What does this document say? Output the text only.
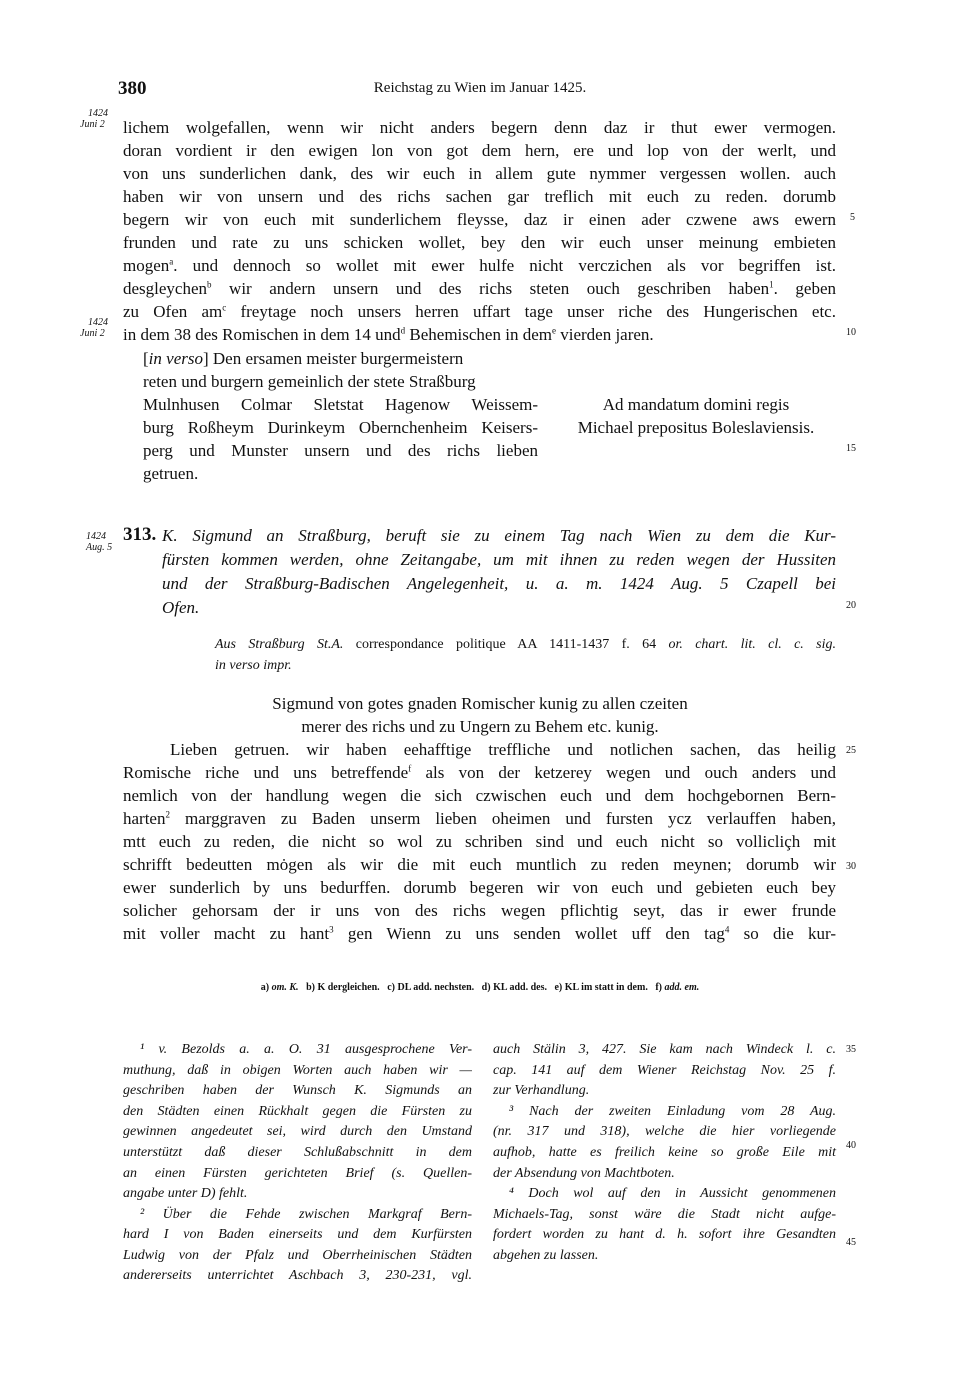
380	Reichstag zu Wien im Januar 1425.
1424
Juni 2
1424
Juni 2
1424
Aug. 5
5
10
15
20
25
30
35
40
45
lichem wolgefallen, wenn wir nicht anders begern denn daz ir thut ewer vermogen.
doran vordient ir den ewigen lon von got dem hern, ere und lop von der werlt, und
von uns sunderlichen dank, des wir euch in allem gute nymmer vergessen wollen. auch
haben wir von unsern und des richs sachen gar treflich mit euch zu reden. dorumb
begern wir von euch mit sunderlichem fleysse, daz ir einen ader czwene aws ewern
frunden und rate zu uns schicken wollet, bey den wir euch unser meinung embieten
mogen$^a$. und dennoch so wollet mit ewer hulfe nicht verczichen als vor begriffen ist.
desgleychen$^b$ wir andern unsern und des richs steten ouch geschriben haben$^1$. geben
zu Ofen $am^c$ freytage noch unsers herren uffart tage unser riche des Hungerischen etc.
in dem 38 des Romischen in dem 14 und$^d$ Behemischen in dem$^e$ vierden jaren.
[in verso] Den ersamen meister burgermeistern
reten und burgern gemeinlich der stete Straßburg
Mulnhusen Colmar Sletstat Hagenow Weissem-
burg Roßheym Durinkeym Obernchenheim Keisers-
perg und Munster unsern und des richs lieben
getruen.
Ad mandatum domini regis
Michael prepositus Boleslaviensis.
313. K. Sigmund an Straßburg, beruft sie zu einem Tag nach Wien zu dem die Kur-
fürsten kommen werden, ohne Zeitangabe, um mit ihnen zu reden wegen der Hussiten
und der Straßburg-Badischen Angelegenheit, u. a. m. 1424 Aug. 5 Czapell bei
Ofen.
Aus Straßburg St.A. correspondance politique AA 1411-1437 f. 64 or. chart. lit. cl. c. sig.
in verso impr.
Sigmund von gotes gnaden Romischer kunig zu allen czeiten
merer des richs und zu Ungern zu Behem etc. kunig.
Lieben getruen. wir haben eehafftige treffliche und notlichen sachen, das heilig
Romische riche und uns betreffende$^f$ als von der ketzerey wegen und ouch anders und
nemlich von der handlung wegen die sich czwischen euch und dem hochgebornen Bern-
harten$^2$ marggraven zu Baden unserm lieben oheimen und fursten ycz verlauffen haben,
mtt euch zu reden, die nicht so wol zu schriben sind und euch nicht so vollicliçh mit
schrifft bedeutten mȯgen als wir die mit euch muntlich zu reden meynen; dorumb wir
ewer sunderlich by uns bedurffen. dorumb begeren wir von euch und gebieten euch bey
solicher gehorsam der ir uns von des richs wegen pflichtig seyt, das ir ewer frunde
mit voller macht zu hant$^3$ gen Wienn zu uns senden wollet uff den tag$^4$ so die kur-
a) om. K. b) K dergleichen. c) DL add. nechsten. d) KL add. des. e) KL im statt in dem. f) add. em.
¹ v. Bezolds a. a. O. 31 ausgesprochene Ver-
muthung, daß in obigen Worten auch haben wir —
geschriben haben der Wunsch K. Sigmunds an
den Städten einen Rückhalt gegen die Fürsten zu
gewinnen angedeutet sei, wird durch den Umstand
unterstützt daß dieser Schlußabschnitt in dem
an einen Fürsten gerichteten Brief (s. Quellen-
angabe unter D) fehlt.
² Über die Fehde zwischen Markgraf Bern-
hard I von Baden einerseits und dem Kurfürsten
Ludwig von der Pfalz und Oberrheinischen Städten
andererseits unterrichtet Aschbach 3, 230-231, vgl.
auch Stälin 3, 427. Sie kam nach Windeck l. c.
cap. 141 auf dem Wiener Reichstag Nov. 25 f.
zur Verhandlung.
³ Nach der zweiten Einladung vom 28 Aug.
(nr. 317 und 318), welche die hier vorliegende
aufhob, hatte es freilich keine so große Eile mit
der Absendung von Machtboten.
⁴ Doch wol auf den in Aussicht genommenen
Michaels-Tag, sonst wäre die Stadt nicht aufge-
fordert worden zu hant d. h. sofort ihre Gesandten
abgehen zu lassen.
